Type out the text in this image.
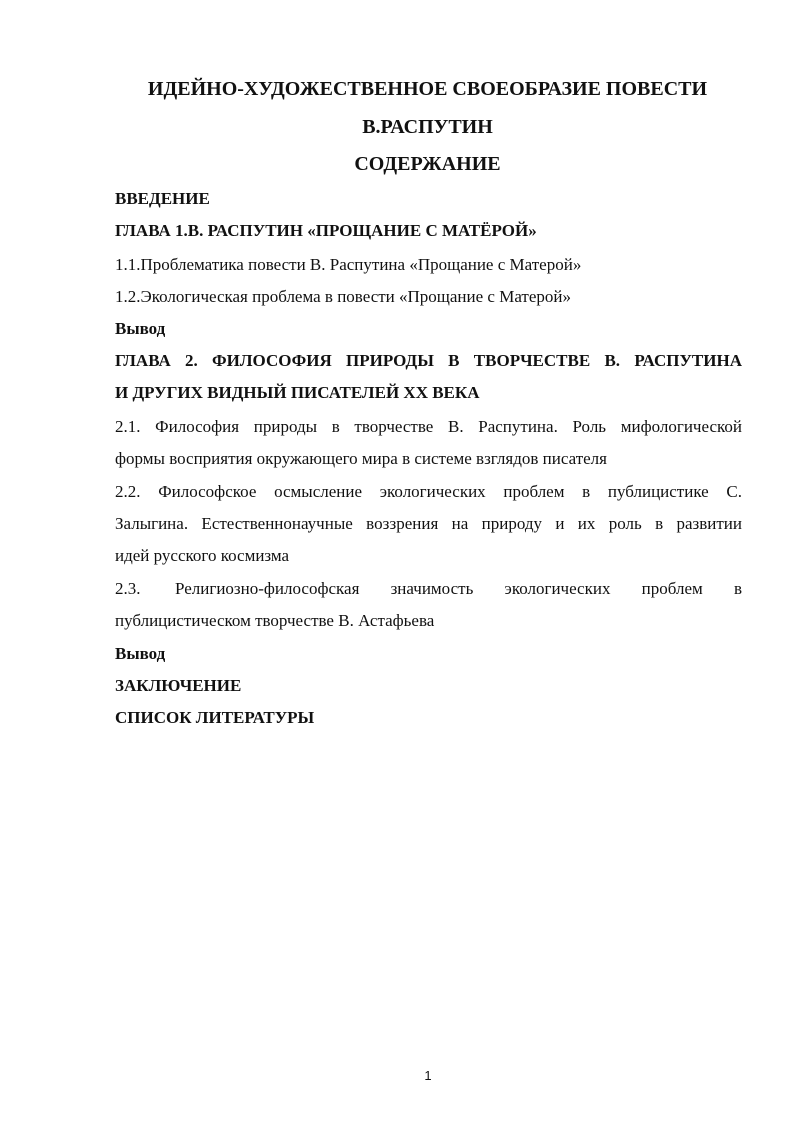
ИДЕЙНО-ХУДОЖЕСТВЕННОЕ СВОЕОБРАЗИЕ ПОВЕСТИ
В.РАСПУТИН
СОДЕРЖАНИЕ
ВВЕДЕНИЕ
ГЛАВА 1.В. РАСПУТИН «ПРОЩАНИЕ С МАТЁРОЙ»
1.1.Проблематика повести В. Распутина «Прощание с Матерой»
1.2.Экологическая проблема в повести «Прощание с Матерой»
Вывод
ГЛАВА 2. ФИЛОСОФИЯ ПРИРОДЫ В ТВОРЧЕСТВЕ В. РАСПУТИНА
И ДРУГИХ ВИДНЫЙ ПИСАТЕЛЕЙ XX ВЕКА
2.1. Философия природы в творчестве В. Распутина. Роль мифологической
формы восприятия окружающего мира в системе взглядов писателя
2.2. Философское осмысление экологических проблем в публицистике С.
Залыгина. Естественнонаучные воззрения на природу и их роль в развитии
идей русского космизма
2.3.	Религиозно-философская значимость экологических проблем в
публицистическом творчестве В. Астафьева
Вывод
ЗАКЛЮЧЕНИЕ
СПИСОК ЛИТЕРАТУРЫ
1
